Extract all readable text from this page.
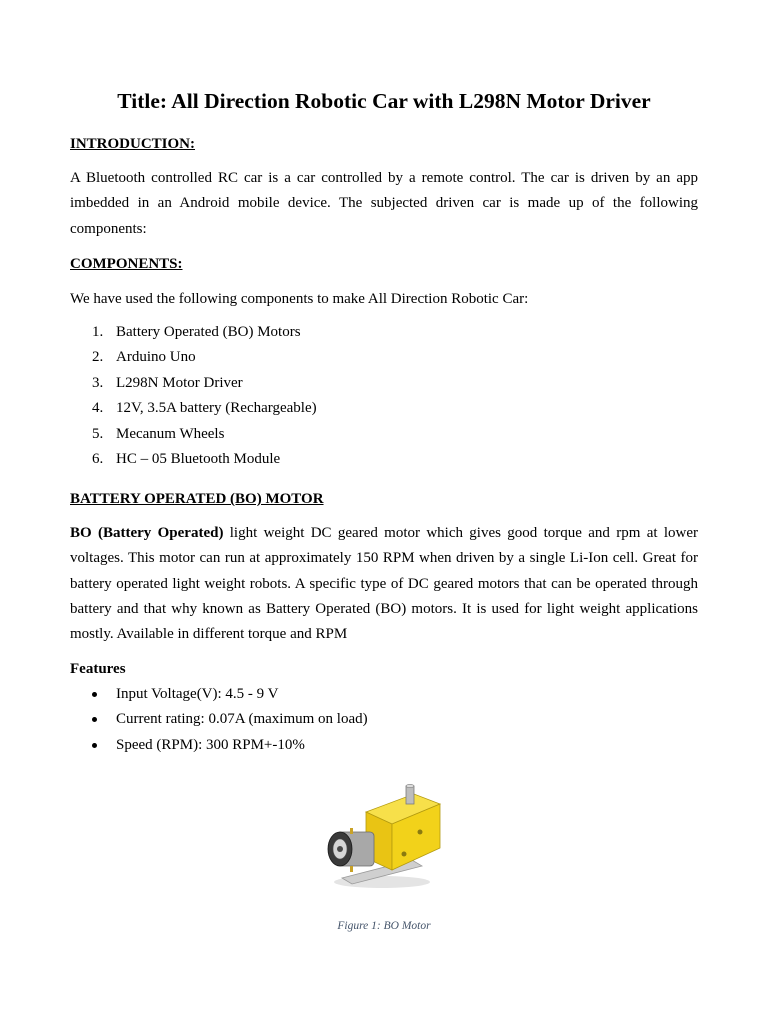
Title: All Direction Robotic Car with L298N Motor Driver

INTRODUCTION:

A Bluetooth controlled RC car is a car controlled by a remote control. The car is driven by an app imbedded in an Android mobile device. The subjected driven car is made up of the following components:

COMPONENTS:

We have used the following components to make All Direction Robotic Car:

1. Battery Operated (BO) Motors
2. Arduino Uno
3. L298N Motor Driver
4. 12V, 3.5A battery (Rechargeable)
5. Mecanum Wheels
6. HC – 05 Bluetooth Module

BATTERY OPERATED (BO) MOTOR

BO (Battery Operated) light weight DC geared motor which gives good torque and rpm at lower voltages. This motor can run at approximately 150 RPM when driven by a single Li-Ion cell. Great for battery operated light weight robots. A specific type of DC geared motors that can be operated through battery and that why known as Battery Operated (BO) motors. It is used for light weight applications mostly. Available in different torque and RPM

Features

Input Voltage(V): 4.5 - 9 V
Current rating: 0.07A (maximum on load)
Speed (RPM): 300 RPM+-10%

Figure 1: BO Motor
